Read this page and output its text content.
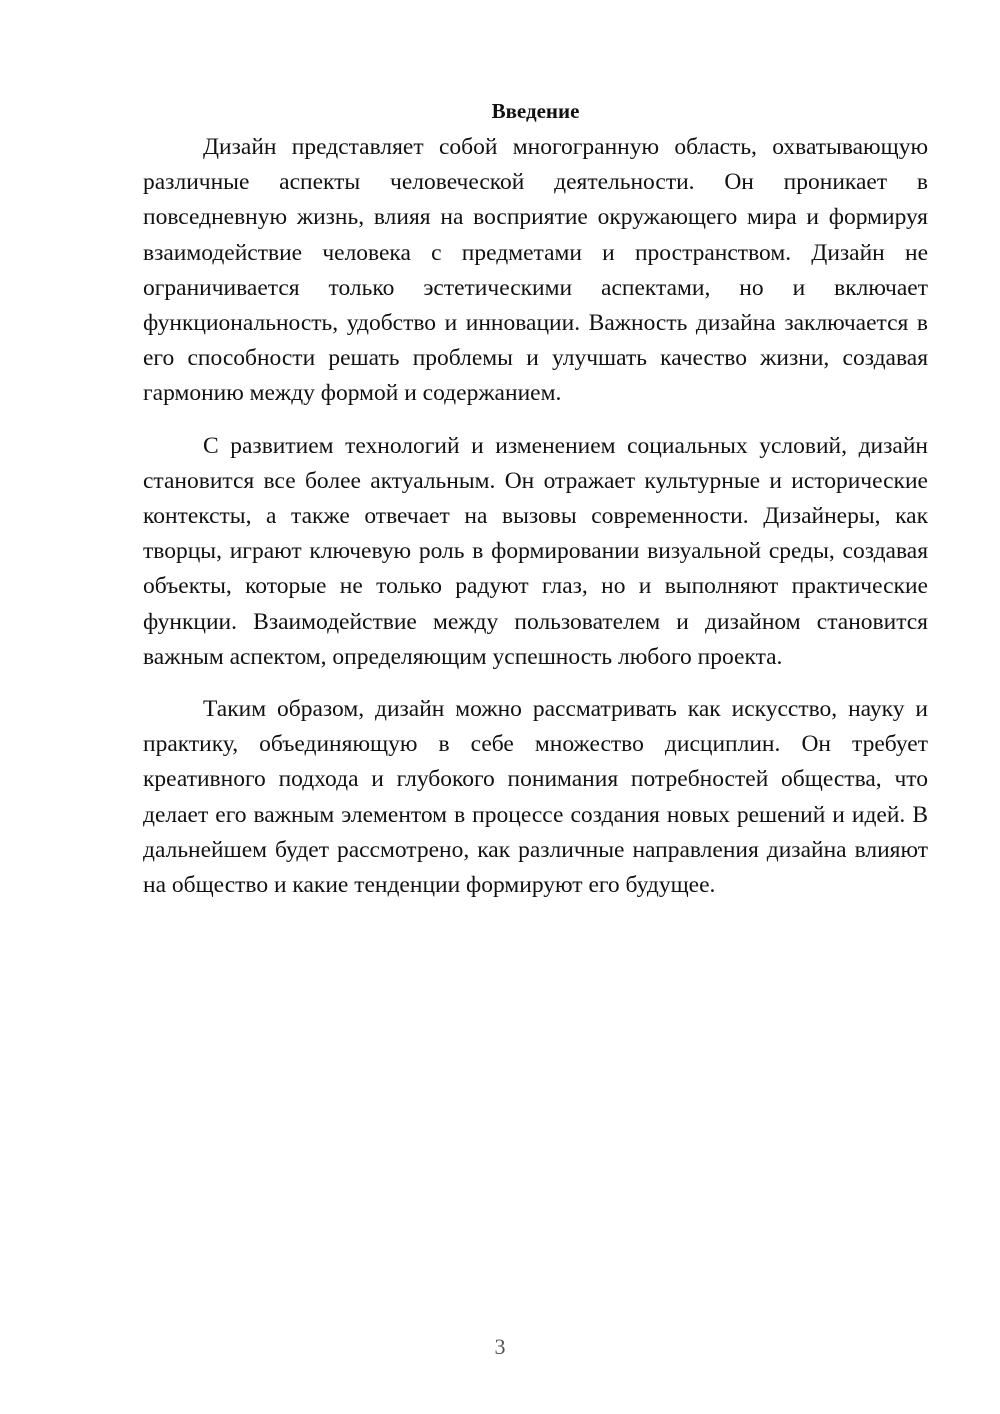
Введение

Дизайн представляет собой многогранную область, охватывающую различные аспекты человеческой деятельности. Он проникает в повседневную жизнь, влияя на восприятие окружающего мира и формируя взаимодействие человека с предметами и пространством. Дизайн не ограничивается только эстетическими аспектами, но и включает функциональность, удобство и инновации. Важность дизайна заключается в его способности решать проблемы и улучшать качество жизни, создавая гармонию между формой и содержанием.

С развитием технологий и изменением социальных условий, дизайн становится все более актуальным. Он отражает культурные и исторические контексты, а также отвечает на вызовы современности. Дизайнеры, как творцы, играют ключевую роль в формировании визуальной среды, создавая объекты, которые не только радуют глаз, но и выполняют практические функции. Взаимодействие между пользователем и дизайном становится важным аспектом, определяющим успешность любого проекта.

Таким образом, дизайн можно рассматривать как искусство, науку и практику, объединяющую в себе множество дисциплин. Он требует креативного подхода и глубокого понимания потребностей общества, что делает его важным элементом в процессе создания новых решений и идей. В дальнейшем будет рассмотрено, как различные направления дизайна влияют на общество и какие тенденции формируют его будущее.

3
